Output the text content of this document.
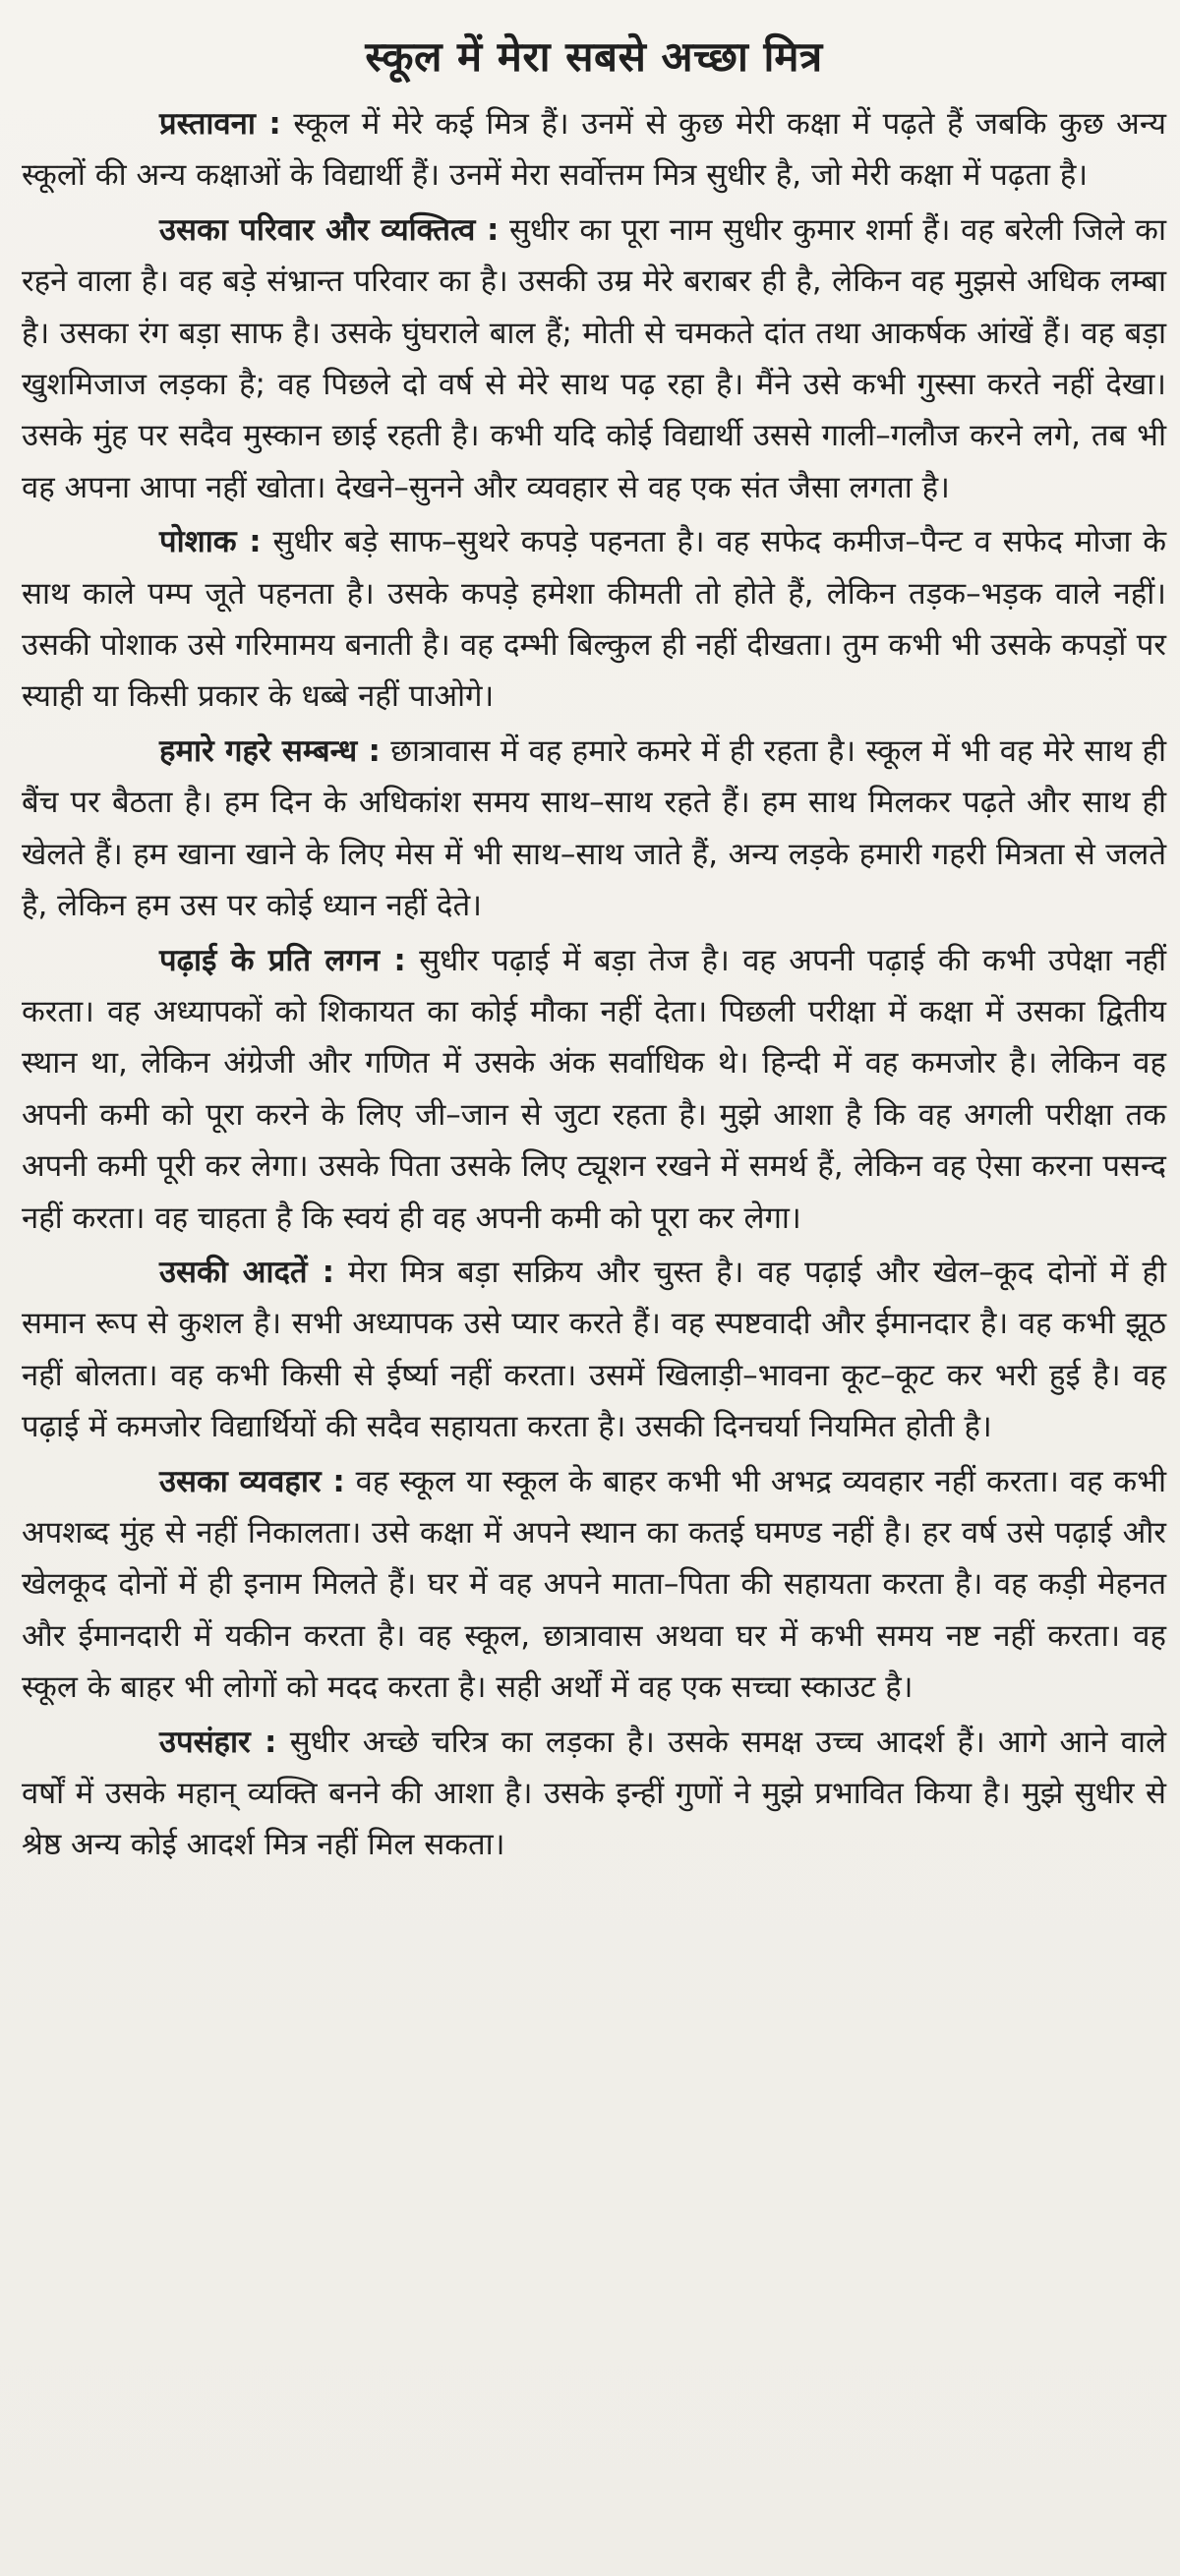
स्कूल में मेरा सबसे अच्छा मित्र

प्रस्तावना : स्कूल में मेरे कई मित्र हैं। उनमें से कुछ मेरी कक्षा में पढ़ते हैं जबकि कुछ अन्य स्कूलों की अन्य कक्षाओं के विद्यार्थी हैं। उनमें मेरा सर्वोत्तम मित्र सुधीर है, जो मेरी कक्षा में पढ़ता है।

उसका परिवार और व्यक्तित्व : सुधीर का पूरा नाम सुधीर कुमार शर्मा हैं। वह बरेली जिले का रहने वाला है। वह बड़े संभ्रान्त परिवार का है। उसकी उम्र मेरे बराबर ही है, लेकिन वह मुझसे अधिक लम्बा है। उसका रंग बड़ा साफ है। उसके घुंघराले बाल हैं; मोती से चमकते दांत तथा आकर्षक आंखें हैं। वह बड़ा खुशमिजाज लड़का है; वह पिछले दो वर्ष से मेरे साथ पढ़ रहा है। मैंने उसे कभी गुस्सा करते नहीं देखा। उसके मुंह पर सदैव मुस्कान छाई रहती है। कभी यदि कोई विद्यार्थी उससे गाली–गलौज करने लगे, तब भी वह अपना आपा नहीं खोता। देखने–सुनने और व्यवहार से वह एक संत जैसा लगता है।

पोशाक : सुधीर बड़े साफ–सुथरे कपड़े पहनता है। वह सफेद कमीज–पैन्ट व सफेद मोजा के साथ काले पम्प जूते पहनता है। उसके कपड़े हमेशा कीमती तो होते हैं, लेकिन तड़क–भड़क वाले नहीं। उसकी पोशाक उसे गरिमामय बनाती है। वह दम्भी बिल्कुल ही नहीं दीखता। तुम कभी भी उसके कपड़ों पर स्याही या किसी प्रकार के धब्बे नहीं पाओगे।

हमारे गहरे सम्बन्ध : छात्रावास में वह हमारे कमरे में ही रहता है। स्कूल में भी वह मेरे साथ ही बैंच पर बैठता है। हम दिन के अधिकांश समय साथ–साथ रहते हैं। हम साथ मिलकर पढ़ते और साथ ही खेलते हैं। हम खाना खाने के लिए मेस में भी साथ–साथ जाते हैं, अन्य लड़के हमारी गहरी मित्रता से जलते है, लेकिन हम उस पर कोई ध्यान नहीं देते।

पढ़ाई के प्रति लगन : सुधीर पढ़ाई में बड़ा तेज है। वह अपनी पढ़ाई की कभी उपेक्षा नहीं करता। वह अध्यापकों को शिकायत का कोई मौका नहीं देता। पिछली परीक्षा में कक्षा में उसका द्वितीय स्थान था, लेकिन अंग्रेजी और गणित में उसके अंक सर्वाधिक थे। हिन्दी में वह कमजोर है। लेकिन वह अपनी कमी को पूरा करने के लिए जी–जान से जुटा रहता है। मुझे आशा है कि वह अगली परीक्षा तक अपनी कमी पूरी कर लेगा। उसके पिता उसके लिए ट्यूशन रखने में समर्थ हैं, लेकिन वह ऐसा करना पसन्द नहीं करता। वह चाहता है कि स्वयं ही वह अपनी कमी को पूरा कर लेगा।

उसकी आदतें : मेरा मित्र बड़ा सक्रिय और चुस्त है। वह पढ़ाई और खेल–कूद दोनों में ही समान रूप से कुशल है। सभी अध्यापक उसे प्यार करते हैं। वह स्पष्टवादी और ईमानदार है। वह कभी झूठ नहीं बोलता। वह कभी किसी से ईर्ष्या नहीं करता। उसमें खिलाड़ी–भावना कूट–कूट कर भरी हुई है। वह पढ़ाई में कमजोर विद्यार्थियों की सदैव सहायता करता है। उसकी दिनचर्या नियमित होती है।

उसका व्यवहार : वह स्कूल या स्कूल के बाहर कभी भी अभद्र व्यवहार नहीं करता। वह कभी अपशब्द मुंह से नहीं निकालता। उसे कक्षा में अपने स्थान का कतई घमण्ड नहीं है। हर वर्ष उसे पढ़ाई और खेलकूद दोनों में ही इनाम मिलते हैं। घर में वह अपने माता–पिता की सहायता करता है। वह कड़ी मेहनत और ईमानदारी में यकीन करता है। वह स्कूल, छात्रावास अथवा घर में कभी समय नष्ट नहीं करता। वह स्कूल के बाहर भी लोगों को मदद करता है। सही अर्थों में वह एक सच्चा स्काउट है।

उपसंहार : सुधीर अच्छे चरित्र का लड़का है। उसके समक्ष उच्च आदर्श हैं। आगे आने वाले वर्षों में उसके महान् व्यक्ति बनने की आशा है। उसके इन्हीं गुणों ने मुझे प्रभावित किया है। मुझे सुधीर से श्रेष्ठ अन्य कोई आदर्श मित्र नहीं मिल सकता।
